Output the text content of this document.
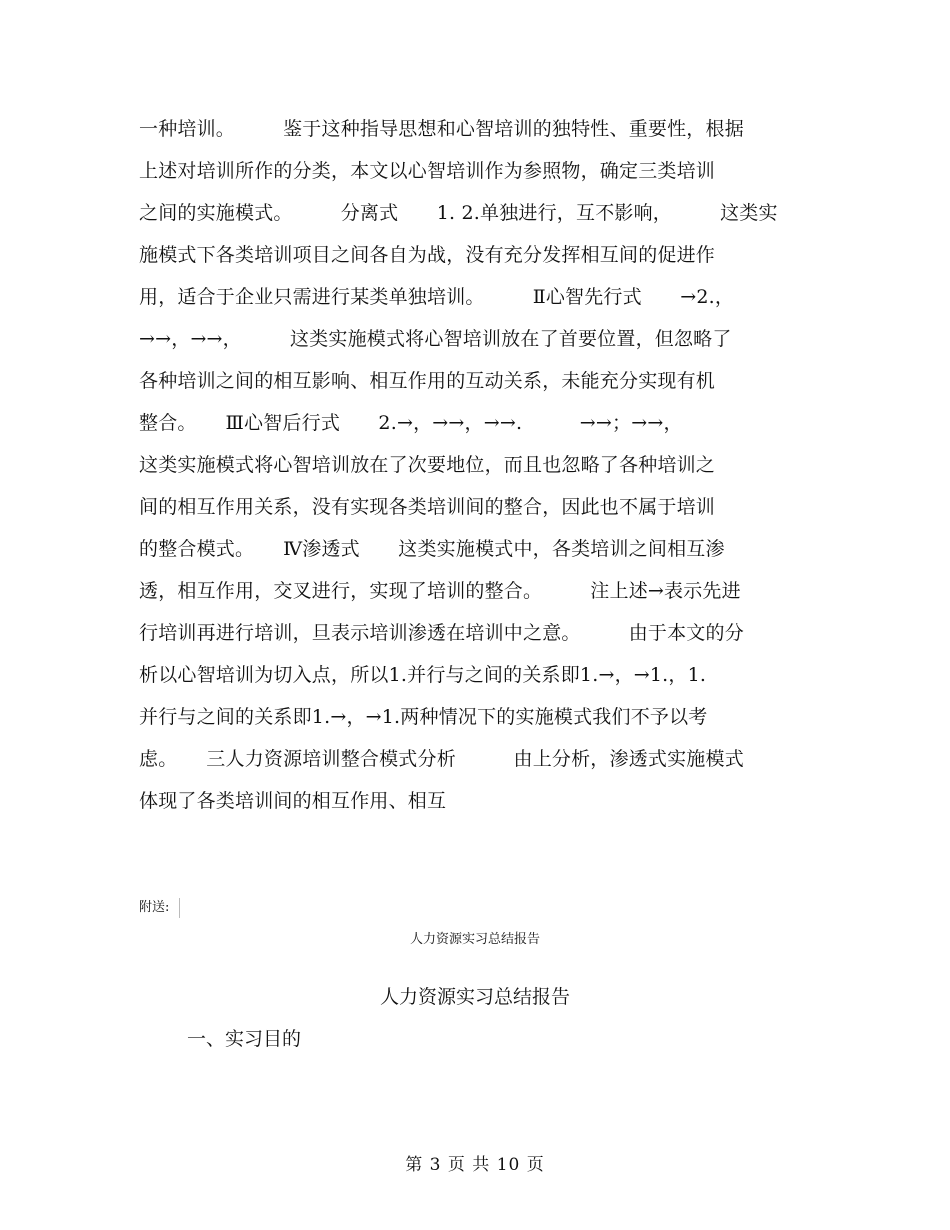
一种培训。　　　鉴于这种指导思想和心智培训的独特性、重要性，根据
上述对培训所作的分类，本文以心智培训作为参照物，确定三类培训
之间的实施模式。　　　分离式　　1. 2.单独进行，互不影响，　　　这类实
施模式下各类培训项目之间各自为战，没有充分发挥相互间的促进作
用，适合于企业只需进行某类单独培训。　　　Ⅱ心智先行式　　→2.，
→→，→→，　　　这类实施模式将心智培训放在了首要位置，但忽略了
各种培训之间的相互影响、相互作用的互动关系，未能充分实现有机
整合。　　Ⅲ心智后行式　　2.→，→→，→→.　　　→→；→→，
这类实施模式将心智培训放在了次要地位，而且也忽略了各种培训之
间的相互作用关系，没有实现各类培训间的整合，因此也不属于培训
的整合模式。　　Ⅳ渗透式　　这类实施模式中，各类培训之间相互渗
透，相互作用，交叉进行，实现了培训的整合。　　　注上述→表示先进
行培训再进行培训，旦表示培训渗透在培训中之意。　　　由于本文的分
析以心智培训为切入点，所以1.并行与之间的关系即1.→，→1.，1.
并行与之间的关系即1.→，→1.两种情况下的实施模式我们不予以考
虑。　　三人力资源培训整合模式分析　　　由上分析，渗透式实施模式
体现了各类培训间的相互作用、相互
附送:
人力资源实习总结报告
人力资源实习总结报告
一、实习目的
第 3 页 共 10 页
